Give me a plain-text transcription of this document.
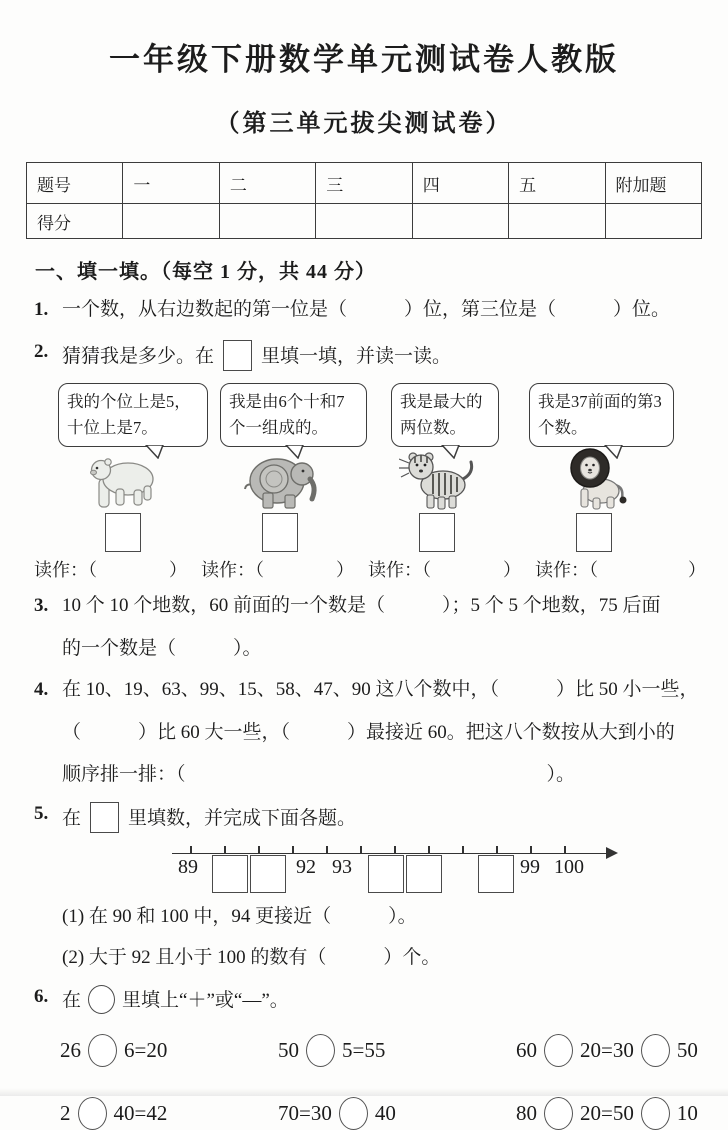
一年级下册数学单元测试卷人教版
（第三单元拔尖测试卷）
题号	一	二	三	四	五	附加题
得分						
一、填一填。（每空 1 分，共 44 分）
1. 一个数，从右边数起的第一位是（　　　）位，第三位是（　　　）位。
2. 猜猜我是多少。在 里填一填，并读一读。
我的个位上是5，十位上是7。
我是由6个十和7个一组成的。
我是最大的两位数。
我是37前面的第3个数。
读作：（　　　　） 读作：（　　　　） 读作：（　　　　） 读作：（　　　　　）
3. 10 个 10 个地数，60 前面的一个数是（　　　）；5 个 5 个地数，75 后面
的一个数是（　　　）。
4. 在 10、19、63、99、15、58、47、90 这八个数中，（　　　）比 50 小一些，
（　　　）比 60 大一些，（　　　）最接近 60。把这八个数按从大到小的
顺序排一排：（　　　　　　　　　　　　　　　　　　　）。
5. 在 里填数，并完成下面各题。
89	92 93	99 100
(1) 在 90 和 100 中，94 更接近（　　　）。
(2) 大于 92 且小于 100 的数有（　　　）个。
6. 在 里填上“＋”或“—”。
26 6=20	50 5=55	60 20=30 50
2 40=42	70=30 40	80 20=50 10
